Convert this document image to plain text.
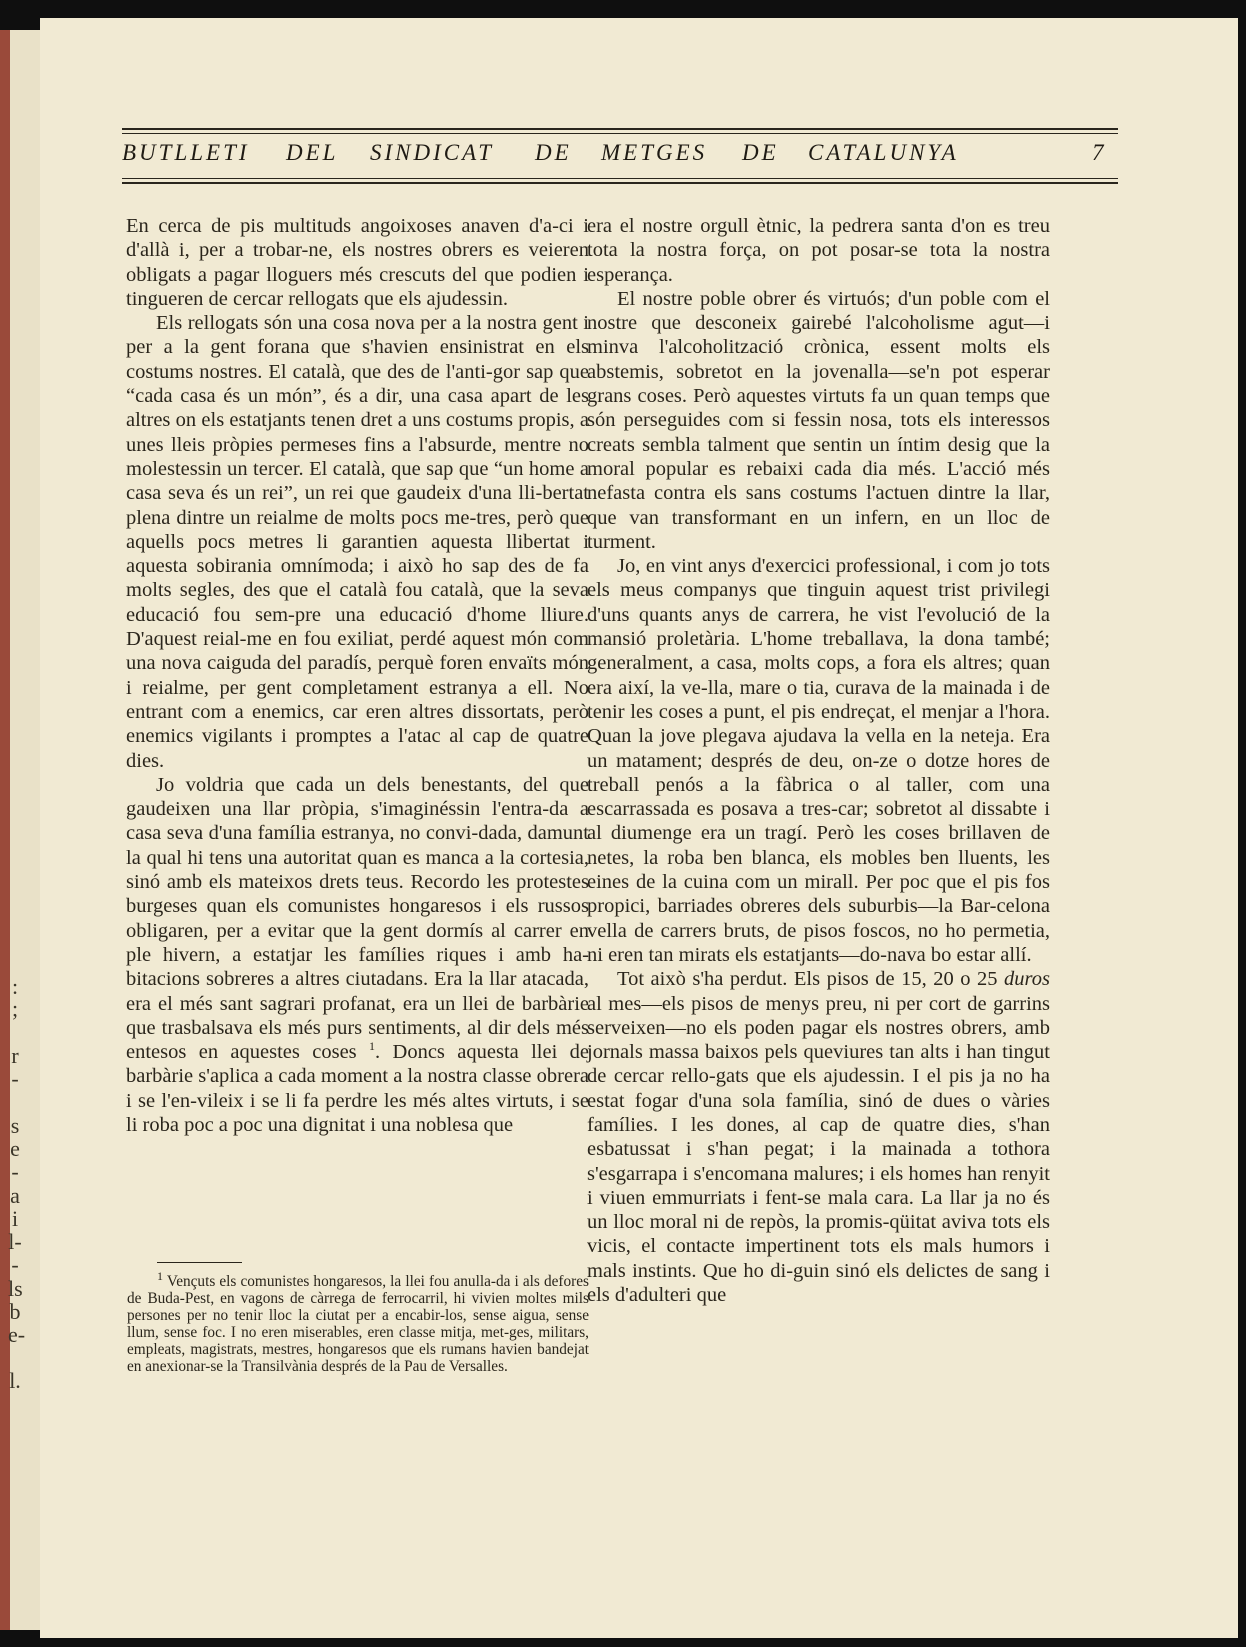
:
;
r
-
s
e
-
a
i
l-
-
ls
b
e-
l.
BUTLLETI DEL SINDICAT DE METGES DE CATALUNYA	7

En cerca de pis multituds angoixoses anaven d'a-ci i d'allà i, per a trobar-ne, els nostres obrers es veieren obligats a pagar lloguers més crescuts del que podien i tingueren de cercar rellogats que els ajudessin.

Els rellogats són una cosa nova per a la nostra gent i per a la gent forana que s'havien ensinistrat en els costums nostres. El català, que des de l'anti-gor sap que “cada casa és un món”, és a dir, una casa apart de les altres on els estatjants tenen dret a uns costums propis, a unes lleis pròpies permeses fins a l'absurde, mentre no molestessin un tercer. El català, que sap que “un home a casa seva és un rei”, un rei que gaudeix d'una lli-bertat plena dintre un reialme de molts pocs me-tres, però que aquells pocs metres li garantien aquesta llibertat i aquesta sobirania omnímoda; i això ho sap des de fa molts segles, des que el català fou català, que la seva educació fou sem-pre una educació d'home lliure. D'aquest reial-me en fou exiliat, perdé aquest món com una nova caiguda del paradís, perquè foren envaïts món i reialme, per gent completament estranya a ell. No entrant com a enemics, car eren altres dissortats, però enemics vigilants i promptes a l'atac al cap de quatre dies.

Jo voldria que cada un dels benestants, del que gaudeixen una llar pròpia, s'imaginéssin l'entra-da a casa seva d'una família estranya, no convi-dada, damunt la qual hi tens una autoritat quan es manca a la cortesia, sinó amb els mateixos drets teus. Recordo les protestes burgeses quan els comunistes hongaresos i els russos obligaren, per a evitar que la gent dormís al carrer en ple hivern, a estatjar les famílies riques i amb ha-bitacions sobreres a altres ciutadans. Era la llar atacada, era el més sant sagrari profanat, era un llei de barbàrie que trasbalsava els més purs sentiments, al dir dels més entesos en aquestes coses $^1$. Doncs aquesta llei de barbàrie s'aplica a cada moment a la nostra classe obrera i se l'en-vileix i se li fa perdre les més altes virtuts, i se li roba poc a poc una dignitat i una noblesa que

$^1$ Vençuts els comunistes hongaresos, la llei fou anulla-da i als defores de Buda-Pest, en vagons de càrrega de ferrocarril, hi vivien moltes mils persones per no tenir lloc la ciutat per a encabir-los, sense aigua, sense llum, sense foc. I no eren miserables, eren classe mitja, met-ges, militars, empleats, magistrats, mestres, hongaresos que els rumans havien bandejat en anexionar-se la Transilvània després de la Pau de Versalles.

era el nostre orgull ètnic, la pedrera santa d'on es treu tota la nostra força, on pot posar-se tota la nostra esperança.

El nostre poble obrer és virtuós; d'un poble com el nostre que desconeix gairebé l'alcoholisme agut—i minva l'alcoholització crònica, essent molts els abstemis, sobretot en la jovenalla—se'n pot esperar grans coses. Però aquestes virtuts fa un quan temps que són perseguides com si fessin nosa, tots els interessos creats sembla talment que sentin un íntim desig que la moral popular es rebaixi cada dia més. L'acció més nefasta contra els sans costums l'actuen dintre la llar, que van transformant en un infern, en un lloc de turment.

Jo, en vint anys d'exercici professional, i com jo tots els meus companys que tinguin aquest trist privilegi d'uns quants anys de carrera, he vist l'evolució de la mansió proletària. L'home treballava, la dona també; generalment, a casa, molts cops, a fora els altres; quan era així, la ve-lla, mare o tia, curava de la mainada i de tenir les coses a punt, el pis endreçat, el menjar a l'hora. Quan la jove plegava ajudava la vella en la neteja. Era un matament; després de deu, on-ze o dotze hores de treball penós a la fàbrica o al taller, com una escarrassada es posava a tres-car; sobretot al dissabte i al diumenge era un tragí. Però les coses brillaven de netes, la roba ben blanca, els mobles ben lluents, les eines de la cuina com un mirall. Per poc que el pis fos propici, barriades obreres dels suburbis—la Bar-celona vella de carrers bruts, de pisos foscos, no ho permetia, ni eren tan mirats els estatjants—do-nava bo estar allí.

Tot això s'ha perdut. Els pisos de 15, 20 o 25 duros al mes—els pisos de menys preu, ni per cort de garrins serveixen—no els poden pagar els nostres obrers, amb jornals massa baixos pels queviures tan alts i han tingut de cercar rello-gats que els ajudessin. I el pis ja no ha estat fogar d'una sola família, sinó de dues o vàries famílies. I les dones, al cap de quatre dies, s'han esbatussat i s'han pegat; i la mainada a tothora s'esgarrapa i s'encomana malures; i els homes han renyit i viuen emmurriats i fent-se mala cara. La llar ja no és un lloc moral ni de repòs, la promis-qüitat aviva tots els vicis, el contacte impertinent tots els mals humors i mals instints. Que ho di-guin sinó els delictes de sang i els d'adulteri que
